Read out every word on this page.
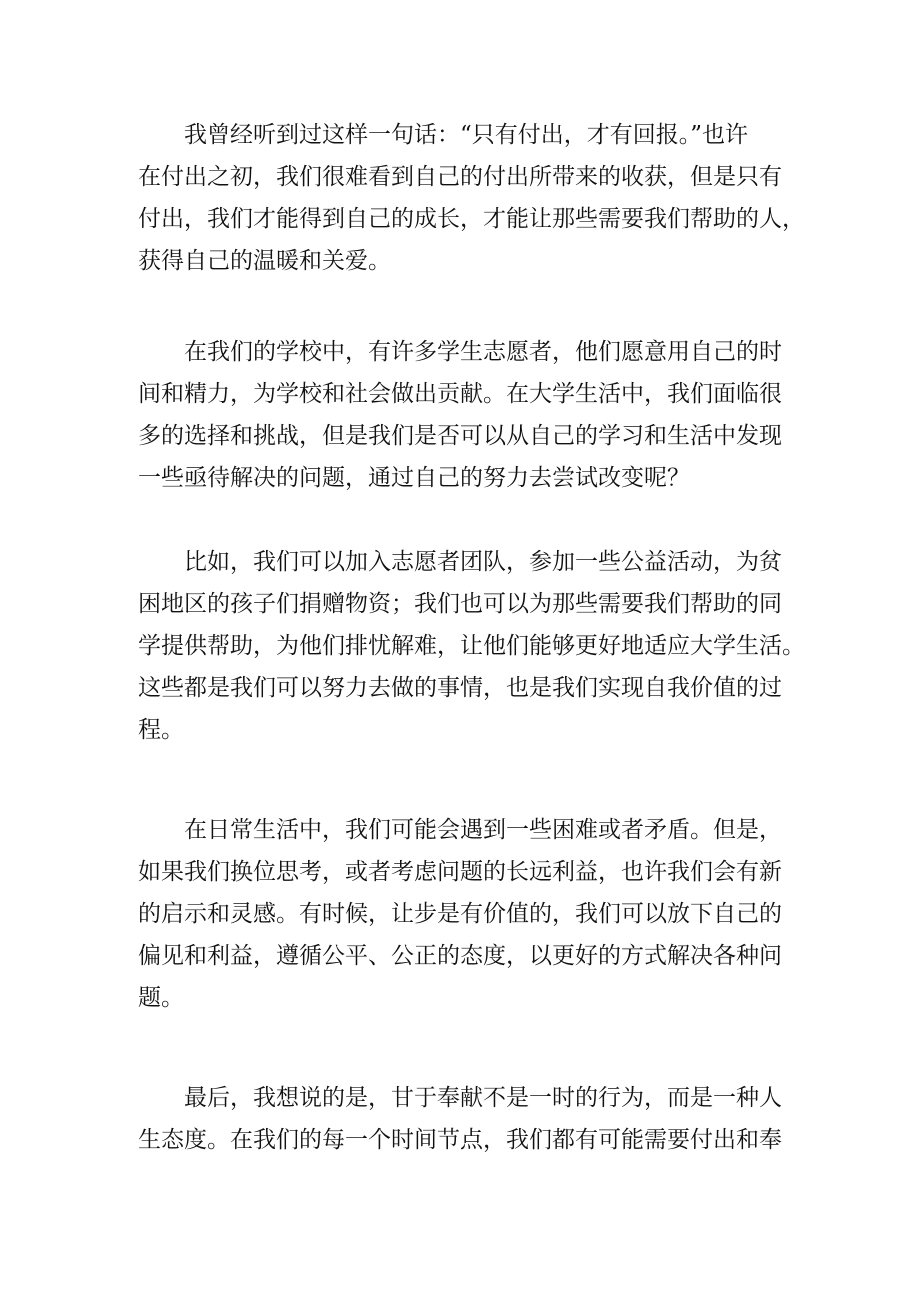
我曾经听到过这样一句话：“只有付出，才有回报。”也许
在付出之初，我们很难看到自己的付出所带来的收获，但是只有
付出，我们才能得到自己的成长，才能让那些需要我们帮助的人，
获得自己的温暖和关爱。

在我们的学校中，有许多学生志愿者，他们愿意用自己的时
间和精力，为学校和社会做出贡献。在大学生活中，我们面临很
多的选择和挑战，但是我们是否可以从自己的学习和生活中发现
一些亟待解决的问题，通过自己的努力去尝试改变呢？

比如，我们可以加入志愿者团队，参加一些公益活动，为贫
困地区的孩子们捐赠物资；我们也可以为那些需要我们帮助的同
学提供帮助，为他们排忧解难，让他们能够更好地适应大学生活。
这些都是我们可以努力去做的事情，也是我们实现自我价值的过
程。

在日常生活中，我们可能会遇到一些困难或者矛盾。但是，
如果我们换位思考，或者考虑问题的长远利益，也许我们会有新
的启示和灵感。有时候，让步是有价值的，我们可以放下自己的
偏见和利益，遵循公平、公正的态度，以更好的方式解决各种问
题。

最后，我想说的是，甘于奉献不是一时的行为，而是一种人
生态度。在我们的每一个时间节点，我们都有可能需要付出和奉
